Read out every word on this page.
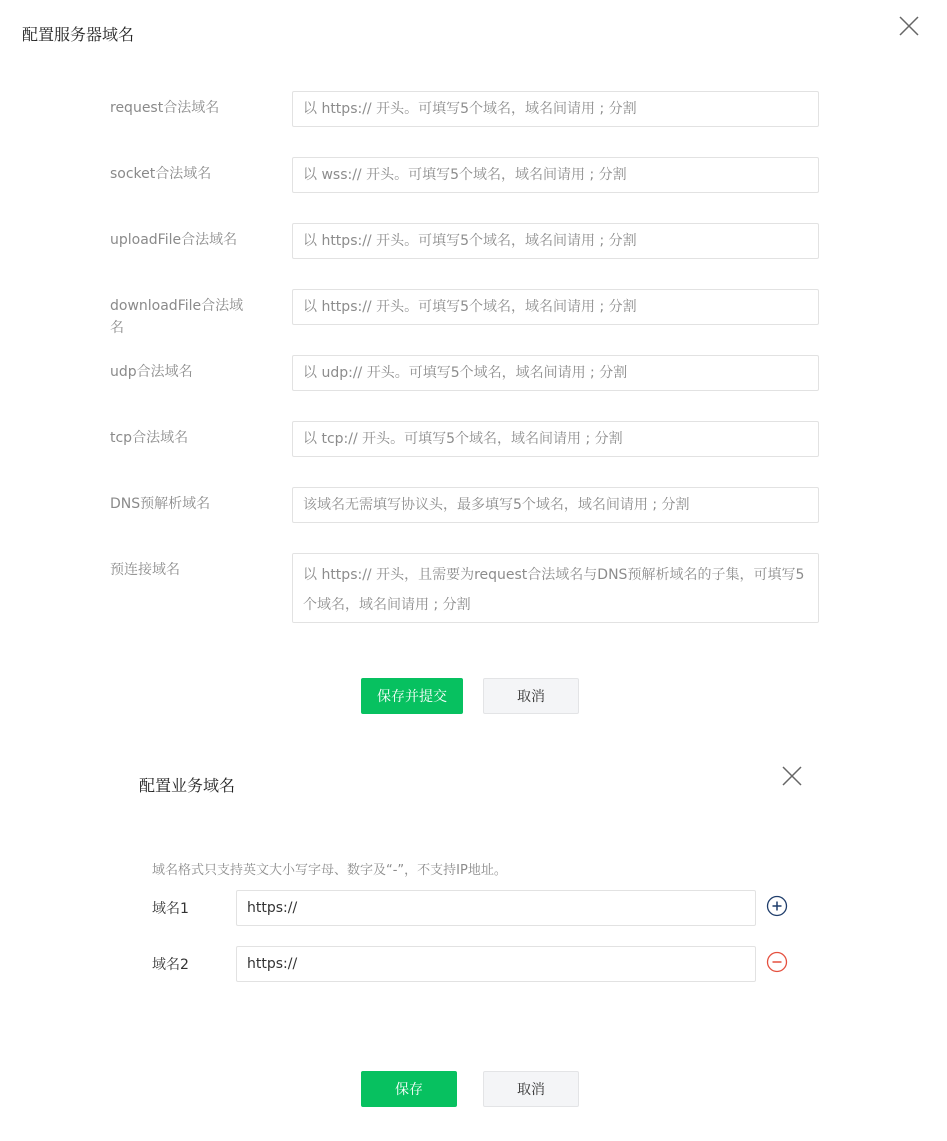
配置服务器域名
request合法域名
以 https:// 开头。可填写5个域名，域名间请用 ; 分割
socket合法域名
以 wss:// 开头。可填写5个域名，域名间请用 ; 分割
uploadFile合法域名
以 https:// 开头。可填写5个域名，域名间请用 ; 分割
downloadFile合法域名
以 https:// 开头。可填写5个域名，域名间请用 ; 分割
udp合法域名
以 udp:// 开头。可填写5个域名，域名间请用 ; 分割
tcp合法域名
以 tcp:// 开头。可填写5个域名，域名间请用 ; 分割
DNS预解析域名
该域名无需填写协议头，最多填写5个域名，域名间请用 ; 分割
预连接域名
以 https:// 开头，且需要为request合法域名与DNS预解析域名的子集，可填写5个域名，域名间请用 ; 分割
保存并提交	取消
配置业务域名
域名格式只支持英文大小写字母、数字及“-”，不支持IP地址。
域名1
https://
域名2
https://
保存	取消
